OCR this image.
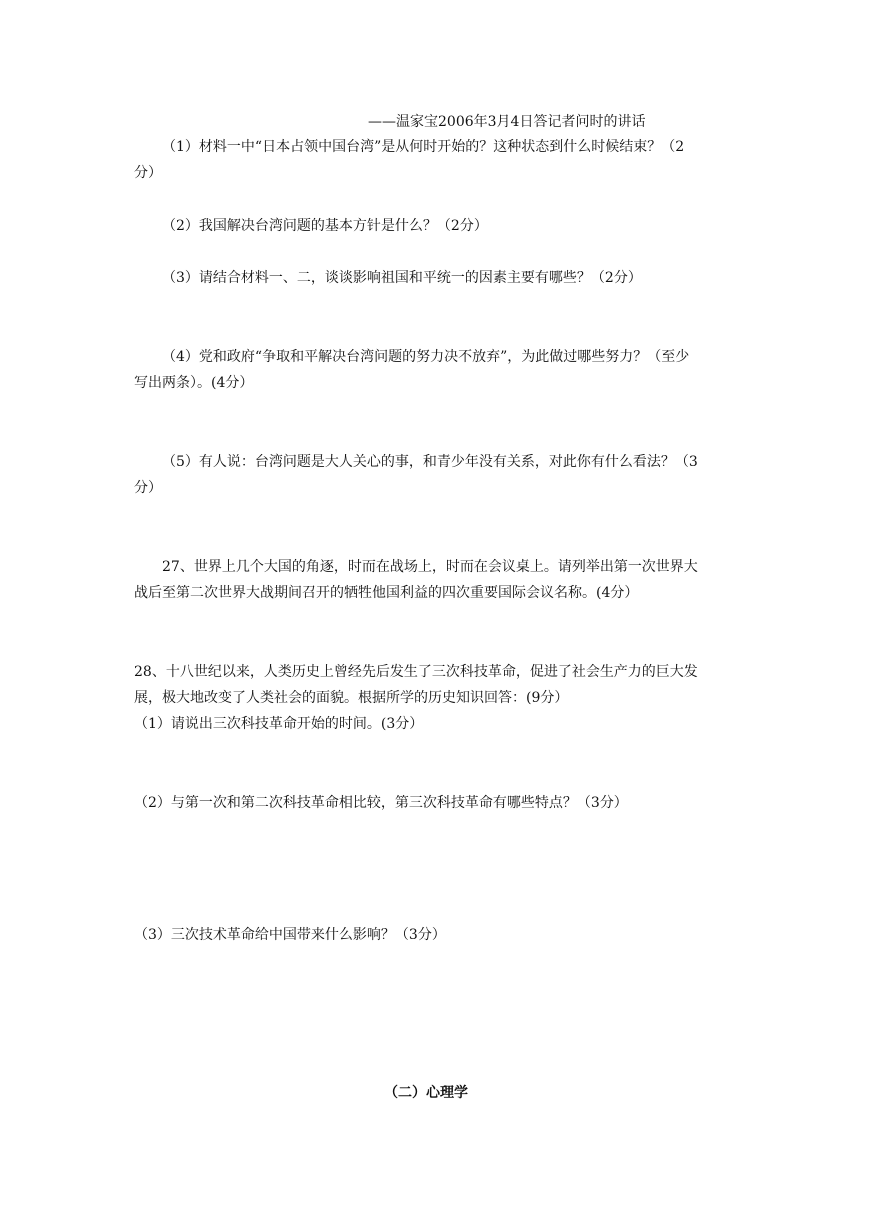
——温家宝2006年3月4日答记者问时的讲话
（1）材料一中“日本占领中国台湾”是从何时开始的？这种状态到什么时候结束？（2
分）
（2）我国解决台湾问题的基本方针是什么？（2分）
（3）请结合材料一、二，谈谈影响祖国和平统一的因素主要有哪些？（2分）
（4）党和政府“争取和平解决台湾问题的努力决不放弃”，为此做过哪些努力？（至少
写出两条）。(4分）
（5）有人说：台湾问题是大人关心的事，和青少年没有关系，对此你有什么看法？（3
分）
27、世界上几个大国的角逐，时而在战场上，时而在会议桌上。请列举出第一次世界大
战后至第二次世界大战期间召开的牺牲他国利益的四次重要国际会议名称。(4分）
28、十八世纪以来，人类历史上曾经先后发生了三次科技革命，促进了社会生产力的巨大发
展，极大地改变了人类社会的面貌。根据所学的历史知识回答：(9分）
（1）请说出三次科技革命开始的时间。(3分）
（2）与第一次和第二次科技革命相比较，第三次科技革命有哪些特点？（3分）
（3）三次技术革命给中国带来什么影响？（3分）
（二）心理学
